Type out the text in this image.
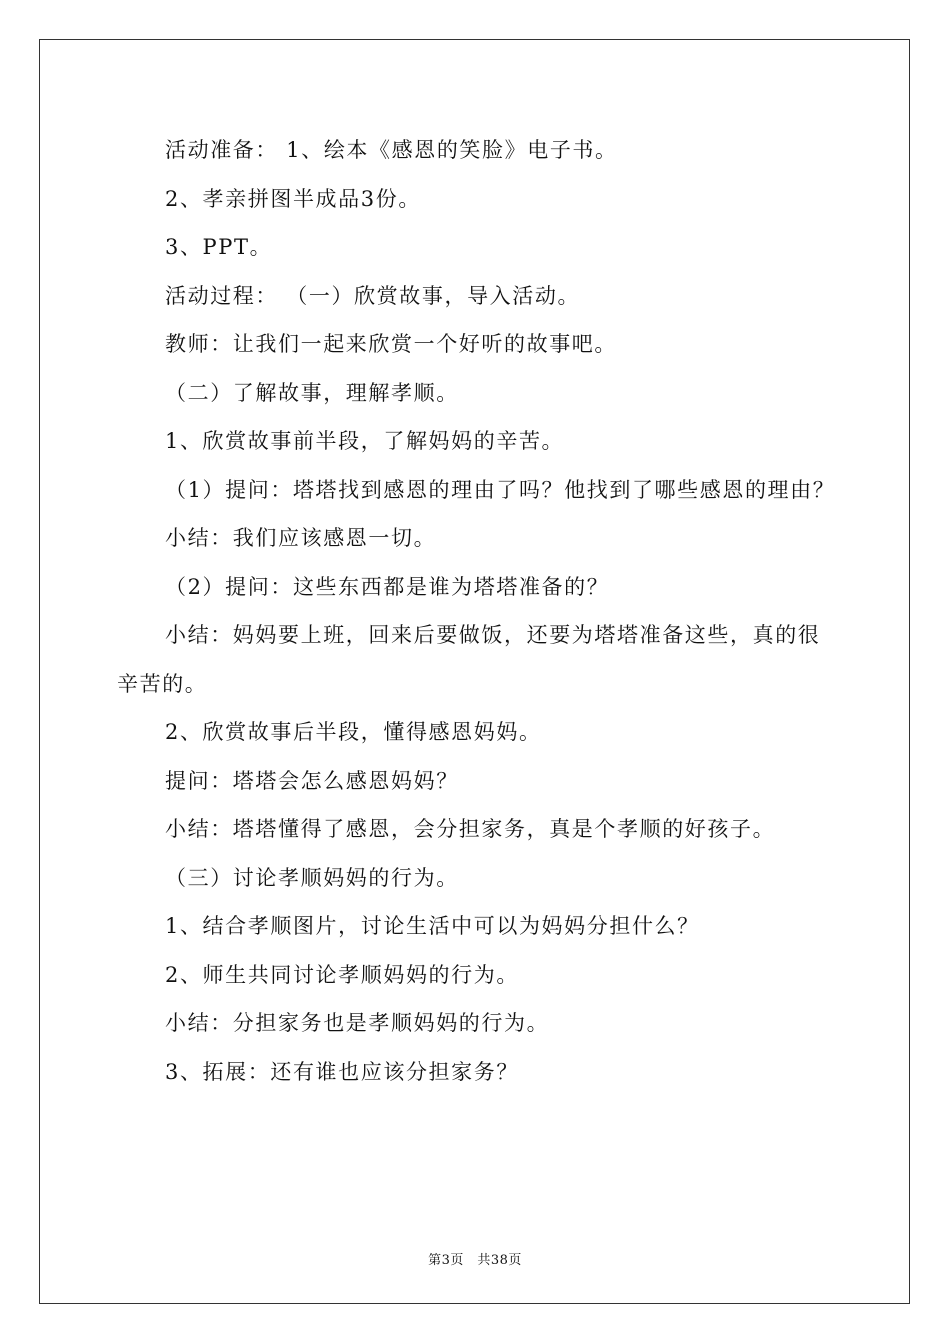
活动准备： 1、绘本《感恩的笑脸》电子书。

2、孝亲拼图半成品3份。

3、PPT。

活动过程： （一）欣赏故事，导入活动。

教师：让我们一起来欣赏一个好听的故事吧。

（二）了解故事，理解孝顺。

1、欣赏故事前半段，了解妈妈的辛苦。

（1）提问：塔塔找到感恩的理由了吗？他找到了哪些感恩的理由？

小结：我们应该感恩一切。

（2）提问：这些东西都是谁为塔塔准备的？

小结：妈妈要上班，回来后要做饭，还要为塔塔准备这些，真的很辛苦的。

2、欣赏故事后半段，懂得感恩妈妈。

提问：塔塔会怎么感恩妈妈？

小结：塔塔懂得了感恩，会分担家务，真是个孝顺的好孩子。

（三）讨论孝顺妈妈的行为。

1、结合孝顺图片，讨论生活中可以为妈妈分担什么？

2、师生共同讨论孝顺妈妈的行为。

小结：分担家务也是孝顺妈妈的行为。

3、拓展：还有谁也应该分担家务？

第3页　共38页
